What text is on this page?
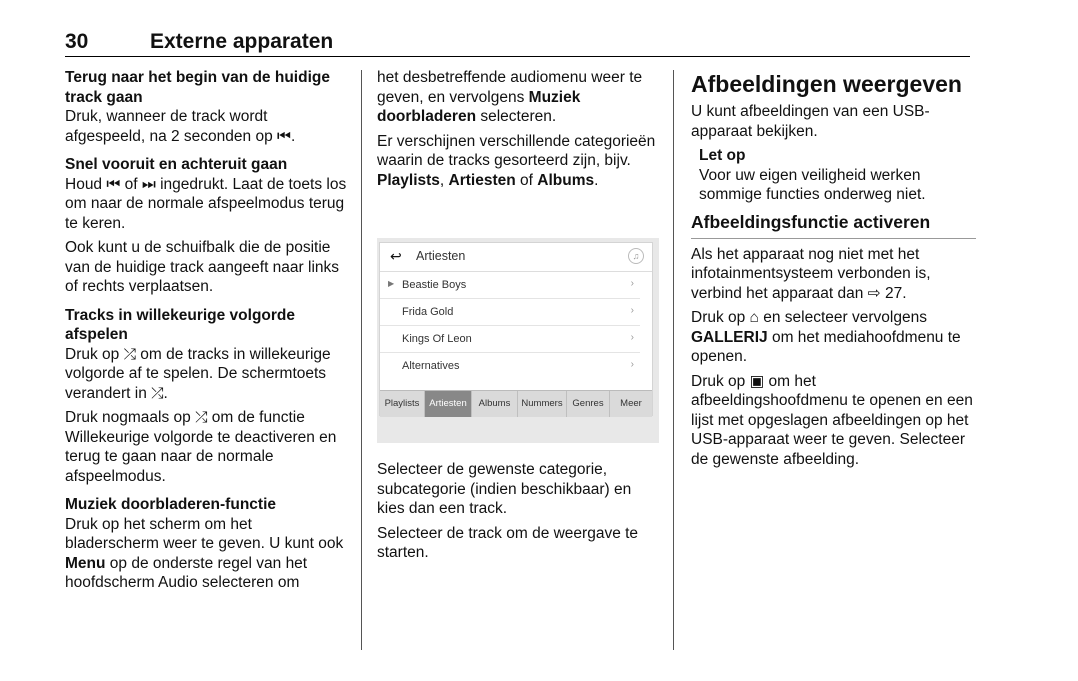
30	Externe apparaten

Terug naar het begin van de huidige track gaan

Druk, wanneer de track wordt afgespeeld, na 2 seconden op ⏮.

Snel vooruit en achteruit gaan

Houd ⏮ of ⏭ ingedrukt. Laat de toets los om naar de normale afspeelmodus terug te keren.

Ook kunt u de schuifbalk die de positie van de huidige track aangeeft naar links of rechts verplaatsen.

Tracks in willekeurige volgorde afspelen

Druk op ⤮ om de tracks in willekeurige volgorde af te spelen. De schermtoets verandert in ⤮.

Druk nogmaals op ⤮ om de functie Willekeurige volgorde te deactiveren en terug te gaan naar de normale afspeelmodus.

Muziek doorbladeren-functie

Druk op het scherm om het bladerscherm weer te geven. U kunt ook Menu op de onderste regel van het hoofdscherm Audio selecteren om

het desbetreffende audiomenu weer te geven, en vervolgens Muziek doorbladeren selecteren.

Er verschijnen verschillende categorieën waarin de tracks gesorteerd zijn, bijv. Playlists, Artiesten of Albums.

↩ Artiesten	♫
▶ Beastie Boys	›
Frida Gold	›
Kings Of Leon	›
Alternatives	›
Playlists	Artiesten	Albums	Nummers	Genres	Meer

Selecteer de gewenste categorie, subcategorie (indien beschikbaar) en kies dan een track.

Selecteer de track om de weergave te starten.

Afbeeldingen weergeven

U kunt afbeeldingen van een USB-apparaat bekijken.

Let op

Voor uw eigen veiligheid werken sommige functies onderweg niet.

Afbeeldingsfunctie activeren

Als het apparaat nog niet met het infotainmentsysteem verbonden is, verbind het apparaat dan ⇨ 27.

Druk op ⌂ en selecteer vervolgens GALLERIJ om het mediahoofdmenu te openen.

Druk op ▣ om het afbeeldingshoofdmenu te openen en een lijst met opgeslagen afbeeldingen op het USB-apparaat weer te geven. Selecteer de gewenste afbeelding.
